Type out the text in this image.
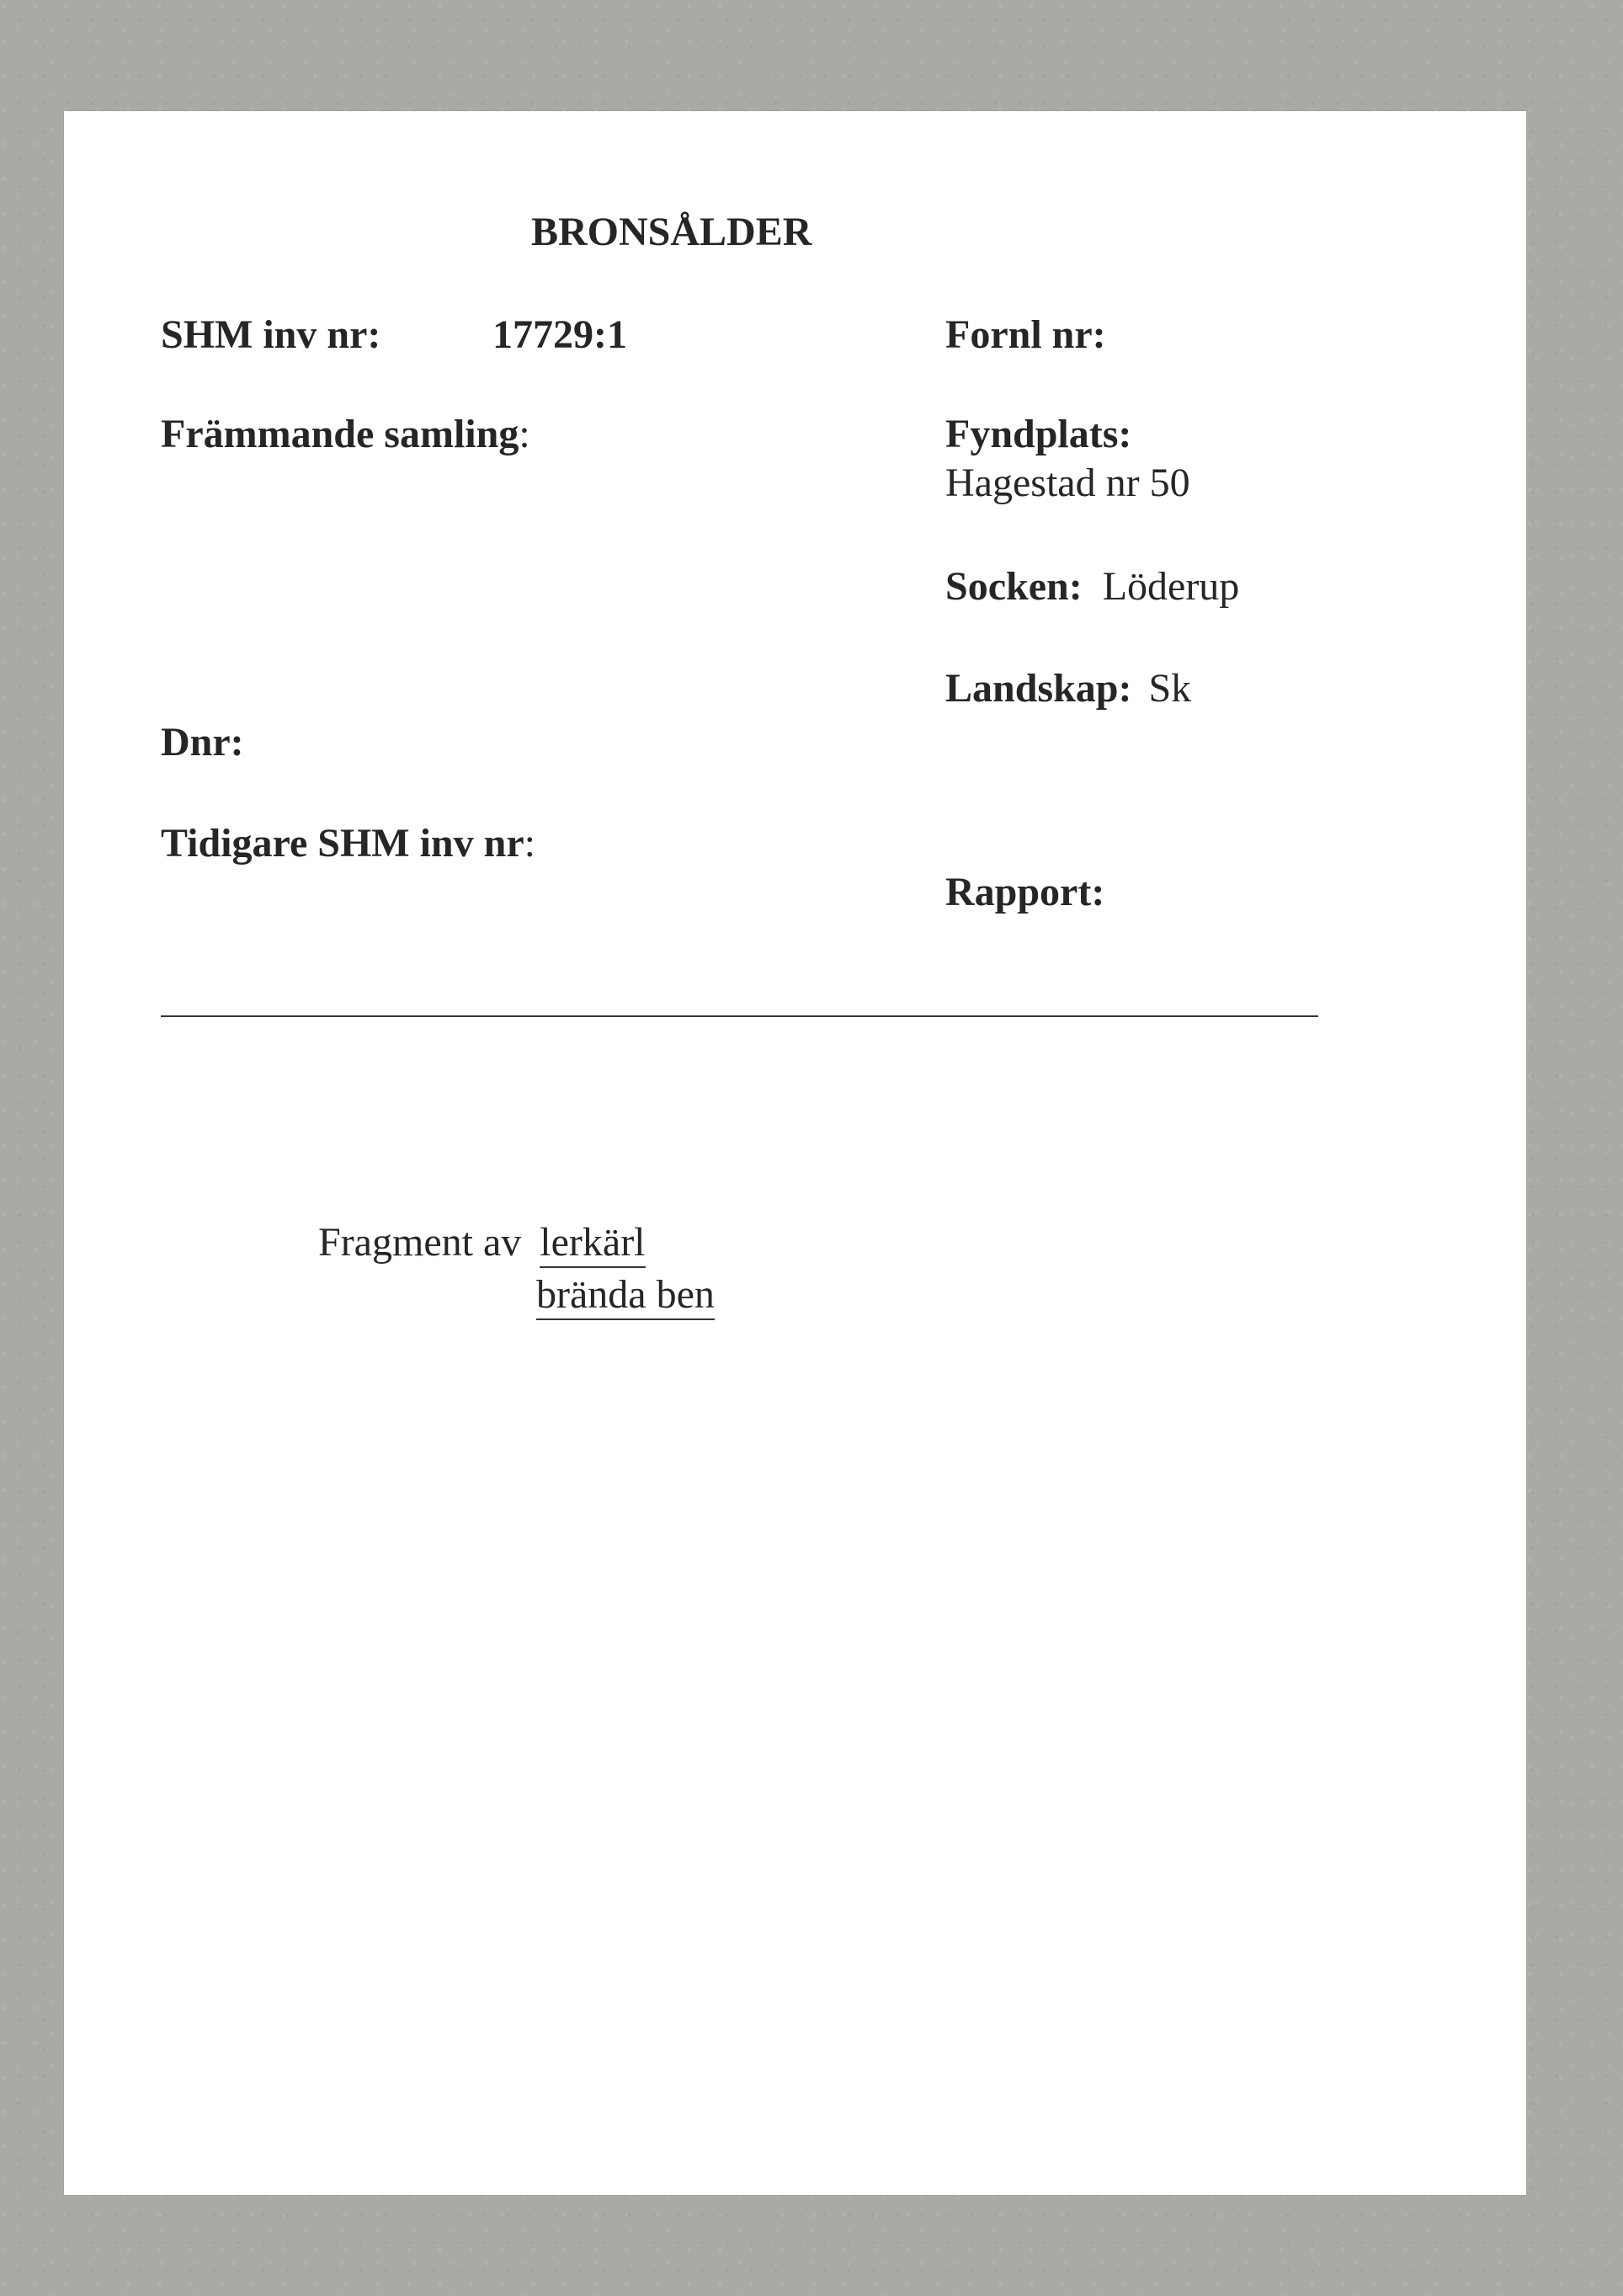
BRONSÅLDER
SHM inv nr:	17729:1	Fornl nr:
Främmande samling:	Fyndplats:
Hagestad nr 50
Socken: Löderup
Landskap: Sk
Dnr:
Tidigare SHM inv nr:
Rapport:
Fragment av lerkärl
brända ben
